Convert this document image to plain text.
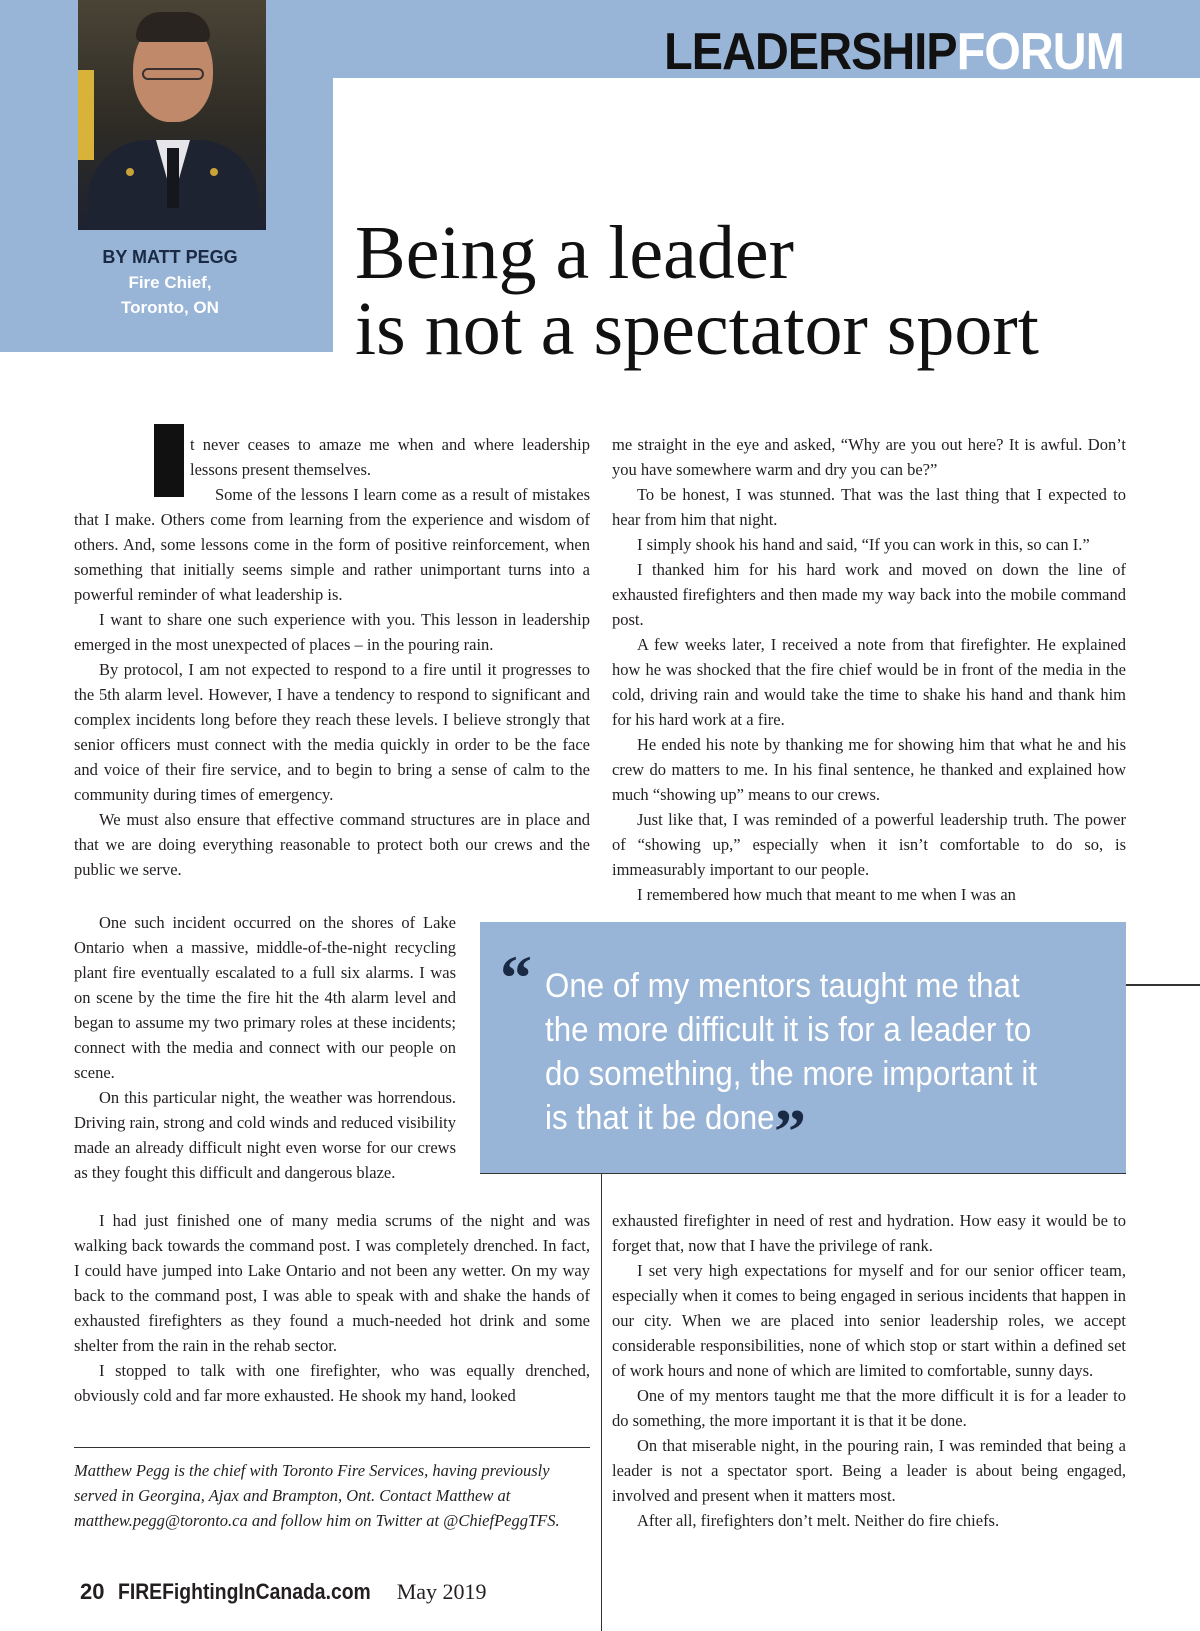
BY MATT PEGG
Fire Chief,
Toronto, ON
LEADERSHIPFORUM
Being a leader
is not a spectator sport

t never ceases to amaze me when and where leadership lessons present themselves.

Some of the lessons I learn come as a result of mistakes that I make. Others come from learning from the experience and wisdom of others. And, some lessons come in the form of positive reinforcement, when something that initially seems simple and rather unimportant turns into a powerful reminder of what leadership is.

I want to share one such experience with you. This lesson in leadership emerged in the most unexpected of places – in the pouring rain.

By protocol, I am not expected to respond to a fire until it progresses to the 5th alarm level. However, I have a tendency to respond to significant and complex incidents long before they reach these levels. I believe strongly that senior officers must connect with the media quickly in order to be the face and voice of their fire service, and to begin to bring a sense of calm to the community during times of emergency.

We must also ensure that effective command structures are in place and that we are doing everything reasonable to protect both our crews and the public we serve.

One such incident occurred on the shores of Lake Ontario when a massive, middle-of-the-night recycling plant fire eventually escalated to a full six alarms. I was on scene by the time the fire hit the 4th alarm level and began to assume my two primary roles at these incidents; connect with the media and connect with our people on scene.

On this particular night, the weather was horrendous. Driving rain, strong and cold winds and reduced visibility made an already difficult night even worse for our crews as they fought this difficult and dangerous blaze.

I had just finished one of many media scrums of the night and was walking back towards the command post. I was completely drenched. In fact, I could have jumped into Lake Ontario and not been any wetter. On my way back to the command post, I was able to speak with and shake the hands of exhausted firefighters as they found a much-needed hot drink and some shelter from the rain in the rehab sector.

I stopped to talk with one firefighter, who was equally drenched, obviously cold and far more exhausted. He shook my hand, looked

me straight in the eye and asked, “Why are you out here? It is awful. Don’t you have somewhere warm and dry you can be?”

To be honest, I was stunned. That was the last thing that I expected to hear from him that night.

I simply shook his hand and said, “If you can work in this, so can I.”

I thanked him for his hard work and moved on down the line of exhausted firefighters and then made my way back into the mobile command post.

A few weeks later, I received a note from that firefighter. He explained how he was shocked that the fire chief would be in front of the media in the cold, driving rain and would take the time to shake his hand and thank him for his hard work at a fire.

He ended his note by thanking me for showing him that what he and his crew do matters to me. In his final sentence, he thanked and explained how much “showing up” means to our crews.

Just like that, I was reminded of a powerful leadership truth. The power of “showing up,” especially when it isn’t comfortable to do so, is immeasurably important to our people.

I remembered how much that meant to me when I was an

“ One of my mentors taught me that the more difficult it is for a leader to do something, the more important it is that it be done.
”

exhausted firefighter in need of rest and hydration. How easy it would be to forget that, now that I have the privilege of rank.

I set very high expectations for myself and for our senior officer team, especially when it comes to being engaged in serious incidents that happen in our city. When we are placed into senior leadership roles, we accept considerable responsibilities, none of which stop or start within a defined set of work hours and none of which are limited to comfortable, sunny days.

One of my mentors taught me that the more difficult it is for a leader to do something, the more important it is that it be done.

On that miserable night, in the pouring rain, I was reminded that being a leader is not a spectator sport. Being a leader is about being engaged, involved and present when it matters most.

After all, firefighters don’t melt. Neither do fire chiefs.

Matthew Pegg is the chief with Toronto Fire Services, having previously served in Georgina, Ajax and Brampton, Ont. Contact Matthew at matthew.pegg@toronto.ca and follow him on Twitter at @ChiefPeggTFS.
20 FIREFightingInCanada.com May 2019
